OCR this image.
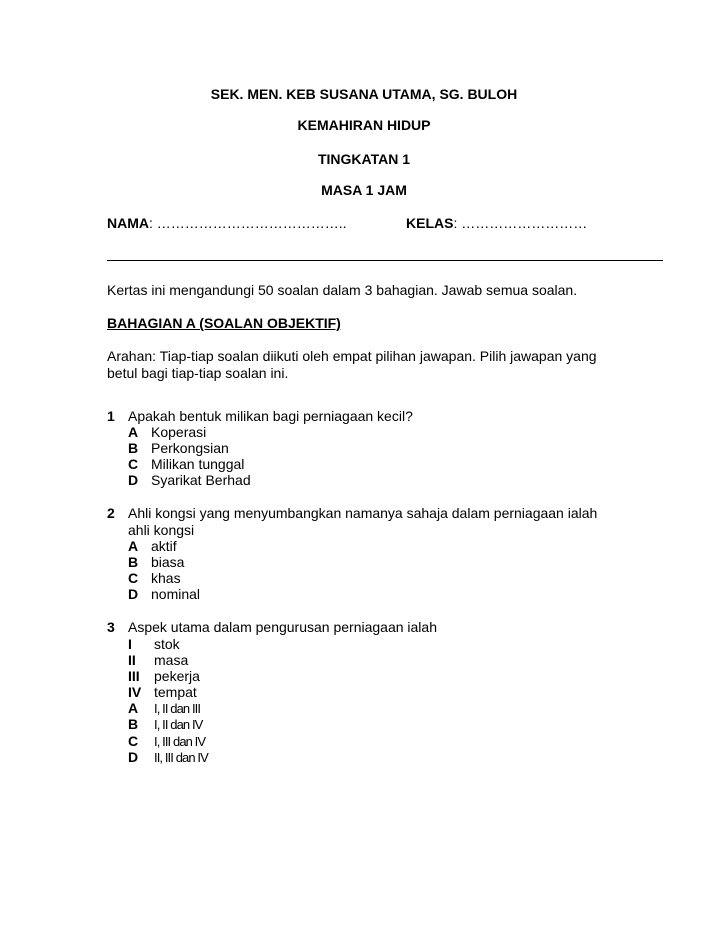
SEK. MEN. KEB SUSANA UTAMA, SG. BULOH
KEMAHIRAN HIDUP
TINGKATAN 1
MASA 1 JAM
NAMA: …………………………………..	KELAS: ………………………
Kertas ini mengandungi 50 soalan dalam 3 bahagian. Jawab semua soalan.
BAHAGIAN A (SOALAN OBJEKTIF)
Arahan: Tiap-tiap soalan diikuti oleh empat pilihan jawapan. Pilih jawapan yang
betul bagi tiap-tiap soalan ini.
1 Apakah bentuk milikan bagi perniagaan kecil?
A Koperasi
B Perkongsian
C Milikan tunggal
D Syarikat Berhad
2 Ahli kongsi yang menyumbangkan namanya sahaja dalam perniagaan ialah
ahli kongsi
A aktif
B biasa
C khas
D nominal
3 Aspek utama dalam pengurusan perniagaan ialah
I stok
II masa
III pekerja
IV tempat
A I, II dan III
B I, II dan IV
C I, III dan IV
D II, III dan IV
